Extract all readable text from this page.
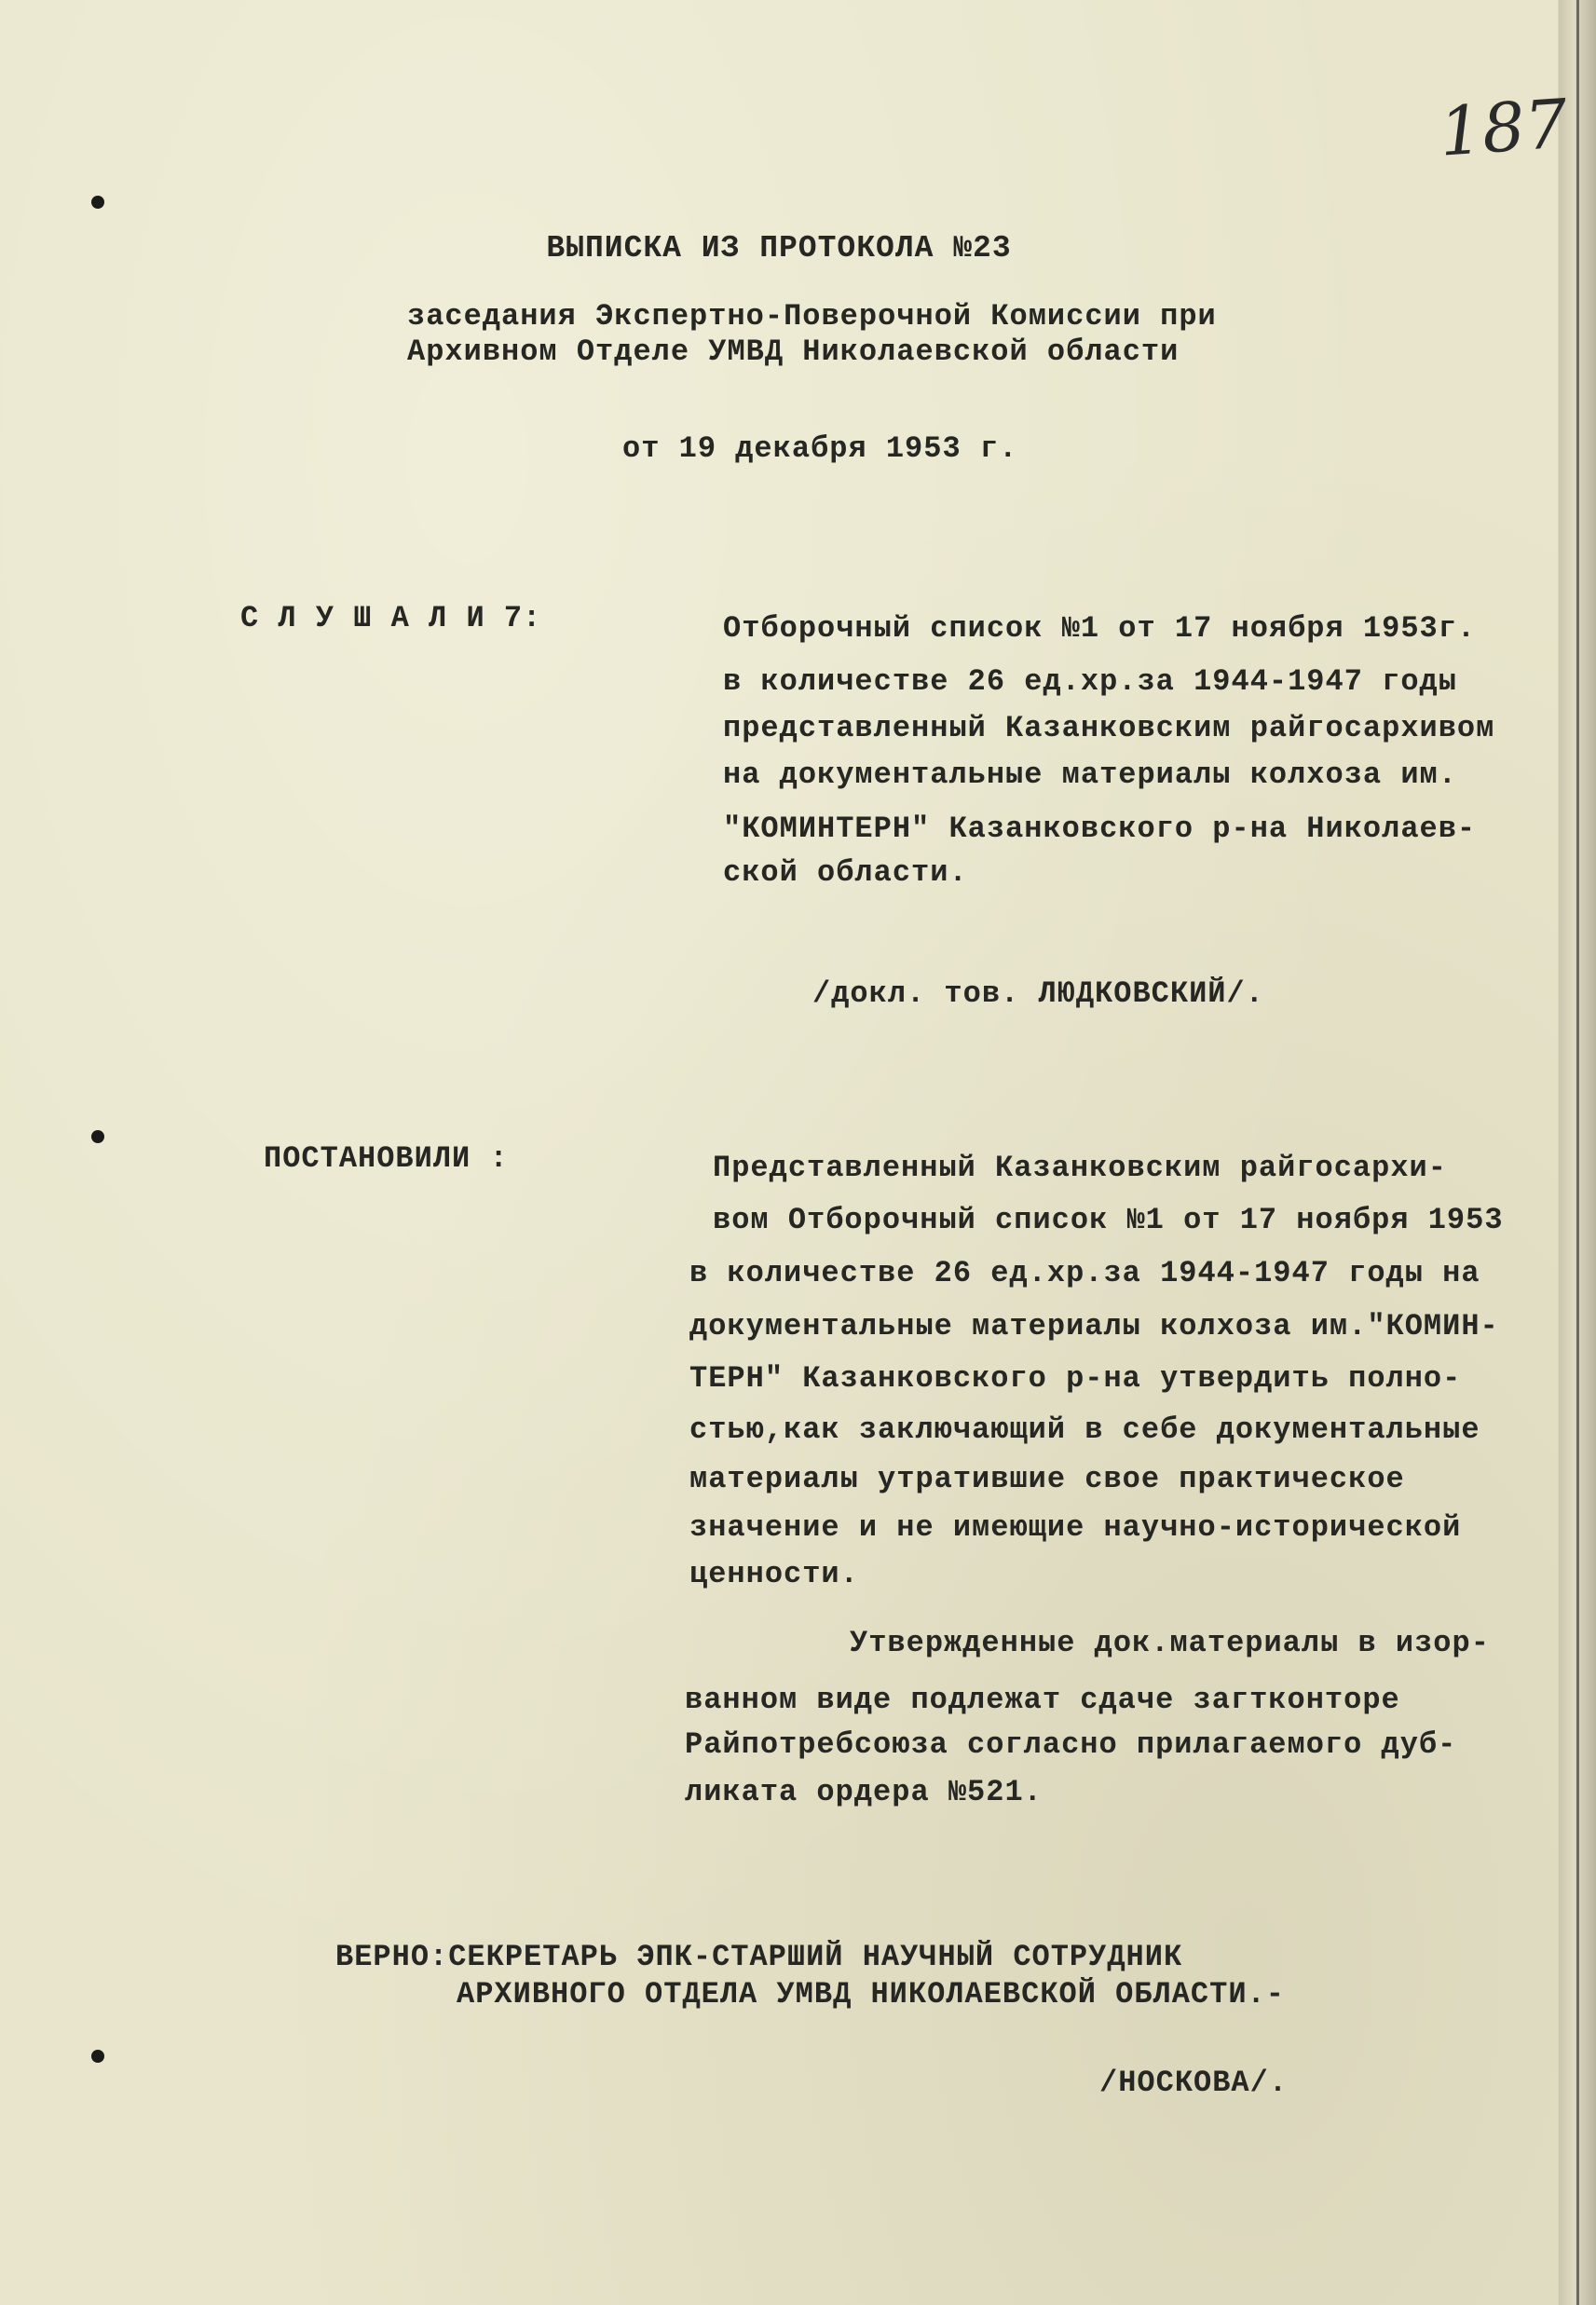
187
ВЫПИСКА ИЗ ПРОТОКОЛА №23
заседания Экспертно-Поверочной Комиссии при
Архивном Отделе УМВД Николаевской области
от 19 декабря 1953 г.
С Л У Ш А Л И 7:	Отборочный список №1 от 17 ноября 1953г.
в количестве 26 ед.хр.за 1944-1947 годы
представленный Казанковским райгосархивом
на документальные материалы колхоза им.
"КОМИНТЕРН" Казанковского р-на Николаев-
ской области.
/докл. тов. ЛЮДКОВСКИЙ/.
ПОСТАНОВИЛИ :	Представленный Казанковским райгосархи-
вом Отборочный список №1 от 17 ноября 1953
в количестве 26 ед.хр.за 1944-1947 годы на
документальные материалы колхоза им."КОМИН-
ТЕРН" Казанковского р-на утвердить полно-
стью,как заключающий в себе документальные
материалы утратившие свое практическое
значение и не имеющие научно-исторической
ценности.
Утвержденные док.материалы в изор-
ванном виде подлежат сдаче загтконторе
Райпотребсоюза согласно прилагаемого дуб-
ликата ордера №521.
ВЕРНО:СЕКРЕТАРЬ ЭПК-СТАРШИЙ НАУЧНЫЙ СОТРУДНИК
АРХИВНОГО ОТДЕЛА УМВД НИКОЛАЕВСКОЙ ОБЛАСТИ.-
/НОСКОВА/.
